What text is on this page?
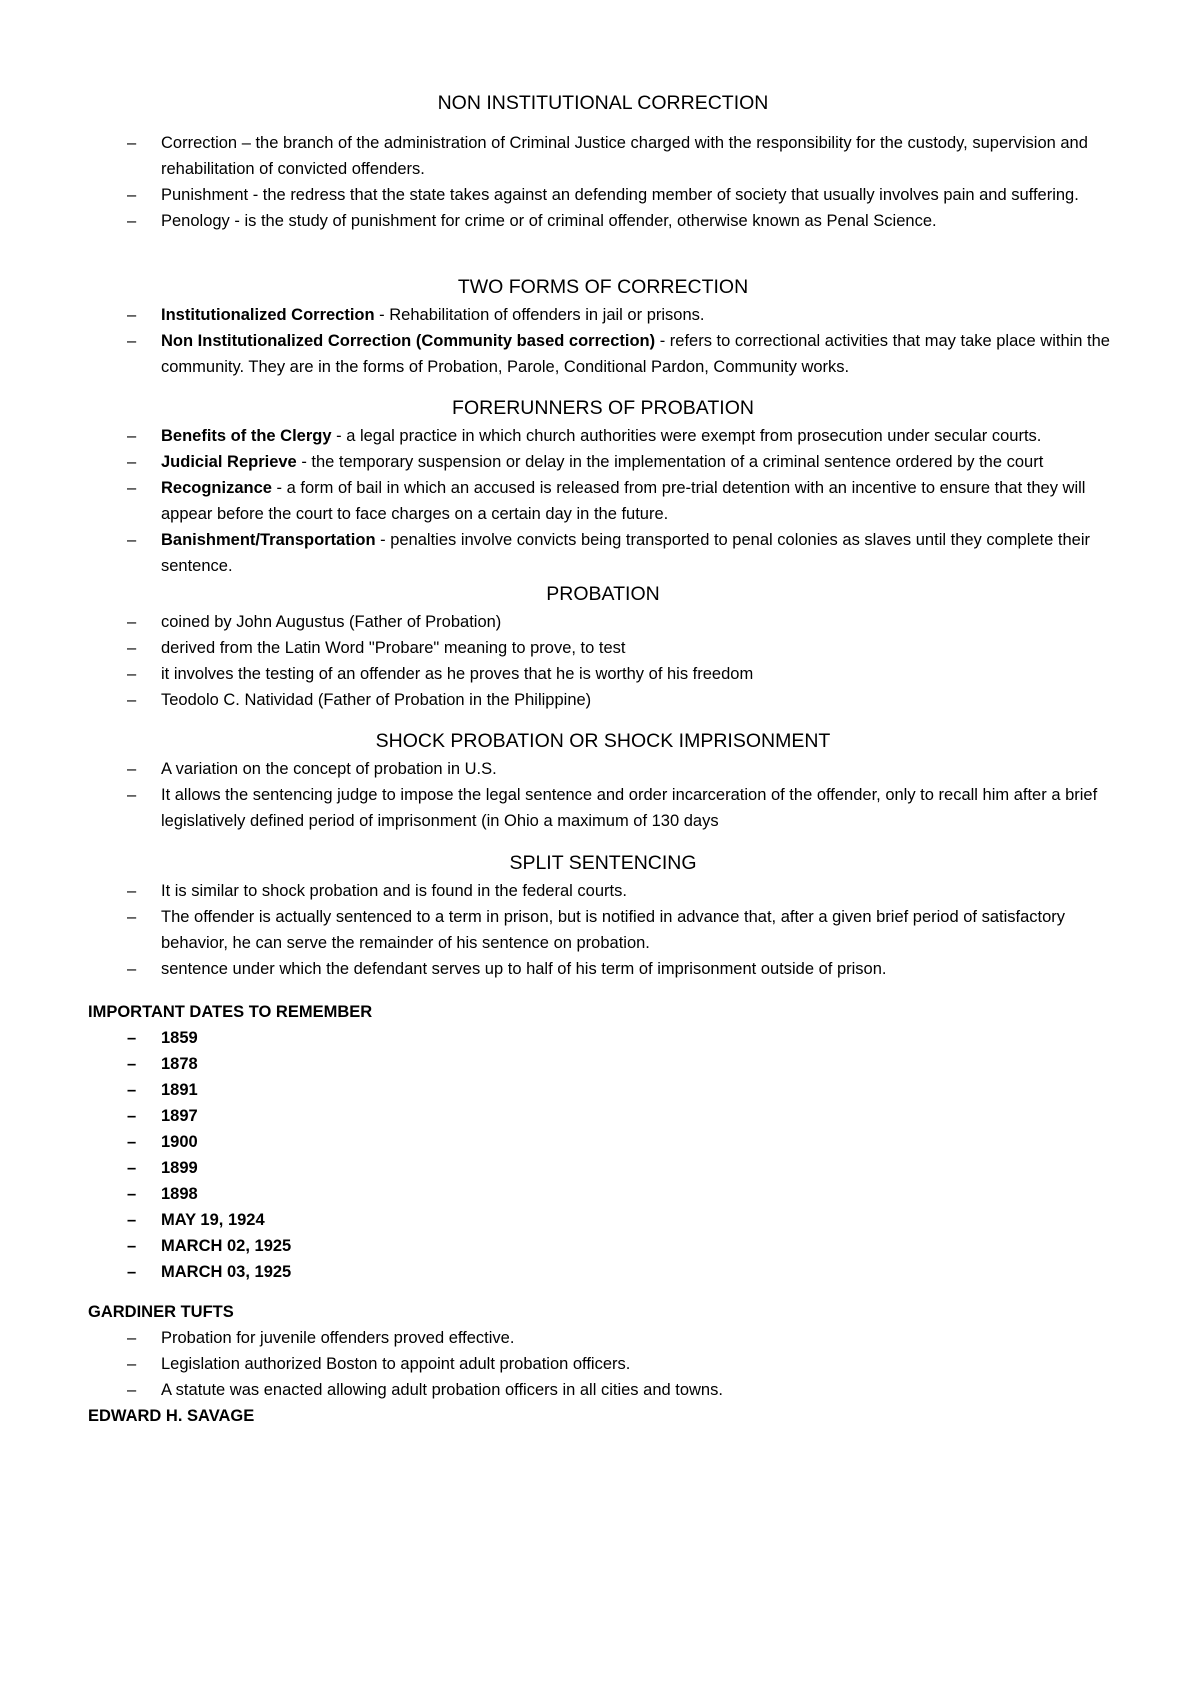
NON INSTITUTIONAL CORRECTION
– Correction – the branch of the administration of Criminal Justice charged with the responsibility for the custody, supervision and rehabilitation of convicted offenders.
– Punishment - the redress that the state takes against an defending member of society that usually involves pain and suffering.
– Penology - is the study of punishment for crime or of criminal offender, otherwise known as Penal Science.
TWO FORMS OF CORRECTION
– Institutionalized Correction - Rehabilitation of offenders in jail or prisons.
– Non Institutionalized Correction (Community based correction) - refers to correctional activities that may take place within the community. They are in the forms of Probation, Parole, Conditional Pardon, Community works.
FORERUNNERS OF PROBATION
– Benefits of the Clergy - a legal practice in which church authorities were exempt from prosecution under secular courts.
– Judicial Reprieve - the temporary suspension or delay in the implementation of a criminal sentence ordered by the court
– Recognizance - a form of bail in which an accused is released from pre-trial detention with an incentive to ensure that they will appear before the court to face charges on a certain day in the future.
– Banishment/Transportation - penalties involve convicts being transported to penal colonies as slaves until they complete their sentence.
PROBATION
– coined by John Augustus (Father of Probation)
– derived from the Latin Word "Probare" meaning to prove, to test
– it involves the testing of an offender as he proves that he is worthy of his freedom
– Teodolo C. Natividad (Father of Probation in the Philippine)
SHOCK PROBATION OR SHOCK IMPRISONMENT
– A variation on the concept of probation in U.S.
– It allows the sentencing judge to impose the legal sentence and order incarceration of the offender, only to recall him after a brief legislatively defined period of imprisonment (in Ohio a maximum of 130 days
SPLIT SENTENCING
– It is similar to shock probation and is found in the federal courts.
– The offender is actually sentenced to a term in prison, but is notified in advance that, after a given brief period of satisfactory behavior, he can serve the remainder of his sentence on probation.
– sentence under which the defendant serves up to half of his term of imprisonment outside of prison.

IMPORTANT DATES TO REMEMBER

– 1859
– 1878
– 1891
– 1897
– 1900
– 1899
– 1898
– MAY 19, 1924
– MARCH 02, 1925
– MARCH 03, 1925

GARDINER TUFTS

– Probation for juvenile offenders proved effective.
– Legislation authorized Boston to appoint adult probation officers.
– A statute was enacted allowing adult probation officers in all cities and towns.

EDWARD H. SAVAGE
